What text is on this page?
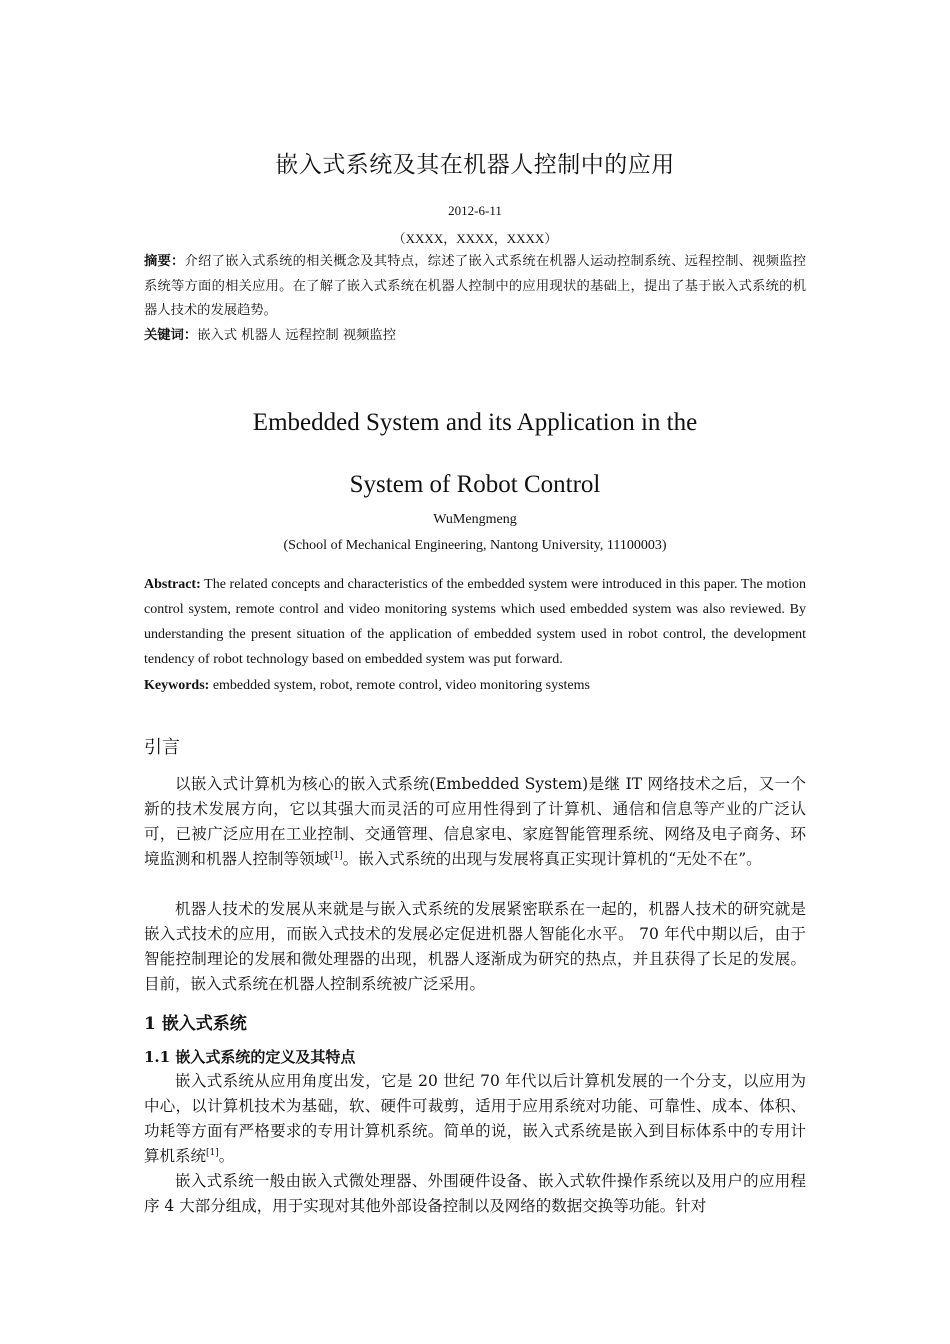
嵌入式系统及其在机器人控制中的应用
2012-6-11
（XXXX，XXXX，XXXX）

摘要：介绍了嵌入式系统的相关概念及其特点，综述了嵌入式系统在机器人运动控制系统、远程控制、视频监控系统等方面的相关应用。在了解了嵌入式系统在机器人控制中的应用现状的基础上，提出了基于嵌入式系统的机器人技术的发展趋势。

关键词：嵌入式 机器人 远程控制 视频监控

Embedded System and its Application in the
System of Robot Control
WuMengmeng
(School of Mechanical Engineering, Nantong University, 11100003)

Abstract: The related concepts and characteristics of the embedded system were introduced in this paper. The motion control system, remote control and video monitoring systems which used embedded system was also reviewed. By understanding the present situation of the application of embedded system used in robot control, the development tendency of robot technology based on embedded system was put forward.

Keywords: embedded system, robot, remote control, video monitoring systems

引言

以嵌入式计算机为核心的嵌入式系统(Embedded System)是继 IT 网络技术之后，又一个新的技术发展方向，它以其强大而灵活的可应用性得到了计算机、通信和信息等产业的广泛认可，已被广泛应用在工业控制、交通管理、信息家电、家庭智能管理系统、网络及电子商务、环境监测和机器人控制等领域[1]。嵌入式系统的出现与发展将真正实现计算机的“无处不在”。

机器人技术的发展从来就是与嵌入式系统的发展紧密联系在一起的，机器人技术的研究就是嵌入式技术的应用，而嵌入式技术的发展必定促进机器人智能化水平。 70 年代中期以后，由于智能控制理论的发展和微处理器的出现，机器人逐渐成为研究的热点，并且获得了长足的发展。目前，嵌入式系统在机器人控制系统被广泛采用。

1 嵌入式系统
1.1 嵌入式系统的定义及其特点

嵌入式系统从应用角度出发，它是 20 世纪 70 年代以后计算机发展的一个分支，以应用为中心，以计算机技术为基础，软、硬件可裁剪，适用于应用系统对功能、可靠性、成本、体积、功耗等方面有严格要求的专用计算机系统。简单的说，嵌入式系统是嵌入到目标体系中的专用计算机系统[1]。

嵌入式系统一般由嵌入式微处理器、外围硬件设备、嵌入式软件操作系统以及用户的应用程序 4 大部分组成，用于实现对其他外部设备控制以及网络的数据交换等功能。针对
